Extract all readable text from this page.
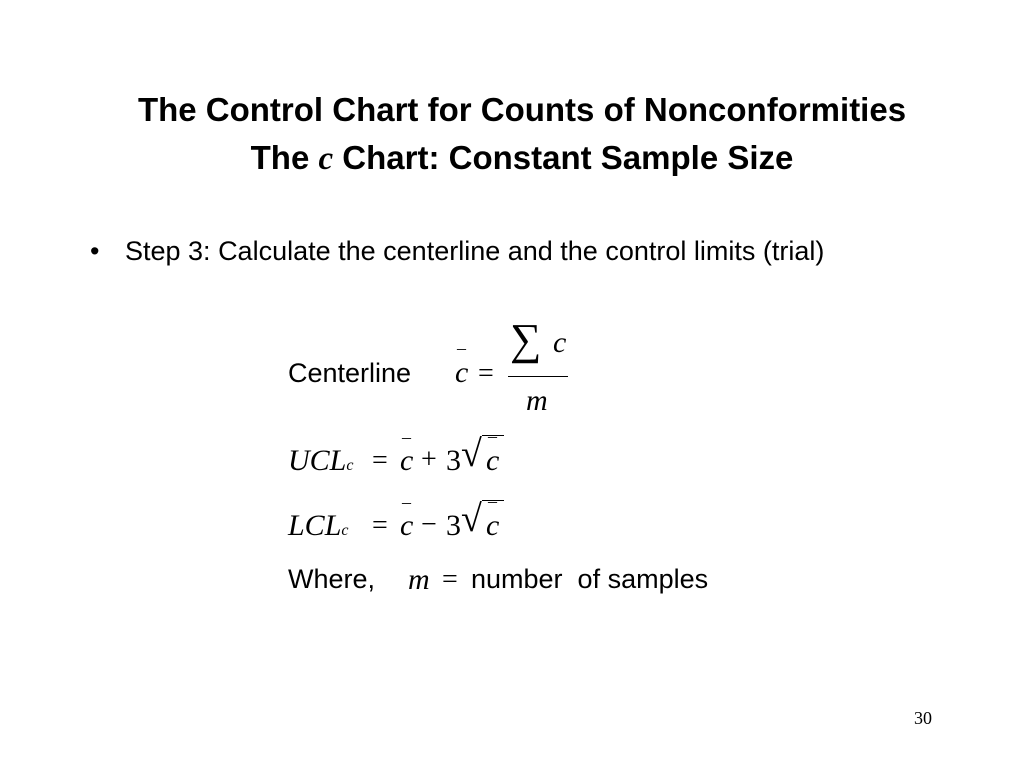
The Control Chart for Counts of Nonconformities
The c Chart: Constant Sample Size
• Step 3: Calculate the centerline and the control limits (trial)
Centerline
–
c =
∑ c
m
UCLc =
–
c + 3 √ –
c
LCLc =
–
c − 3 √ –
c
Where, m = number  of samples
30
